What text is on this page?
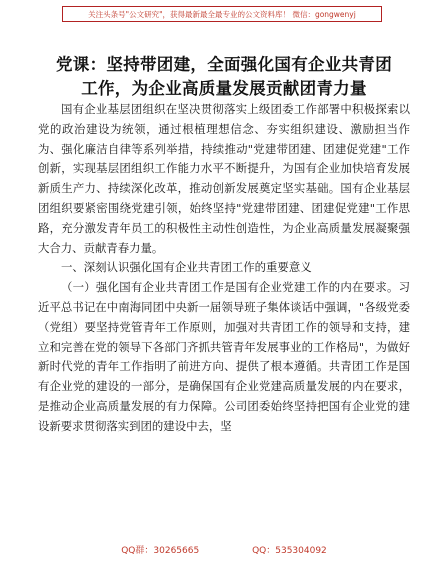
关注头条号"公文研究"，获得最新最全最专业的公文资料库！ 微信：gongwenyj
党课：坚持带团建，全面强化国有企业共青团工作，为企业高质量发展贡献团青力量

国有企业基层团组织在坚决贯彻落实上级团委工作部署中积极探索以党的政治建设为统领，通过根植理想信念、夯实组织建设、激励担当作为、强化廉洁自律等系列举措，持续推动"党建带团建、团建促党建"工作创新，实现基层团组织工作能力水平不断提升，为国有企业加快培育发展新质生产力、持续深化改革，推动创新发展奠定坚实基础。国有企业基层团组织要紧密围绕党建引领，始终坚持"党建带团建、团建促党建"工作思路，充分激发青年员工的积极性主动性创造性，为企业高质量发展凝聚强大合力、贡献青春力量。

一、深刻认识强化国有企业共青团工作的重要意义

（一）强化国有企业共青团工作是国有企业党建工作的内在要求。习近平总书记在中南海同团中央新一届领导班子集体谈话中强调，"各级党委（党组）要坚持党管青年工作原则，加强对共青团工作的领导和支持，建立和完善在党的领导下各部门齐抓共管青年发展事业的工作格局"，为做好新时代党的青年工作指明了前进方向、提供了根本遵循。共青团工作是国有企业党的建设的一部分，是确保国有企业党建高质量发展的内在要求，是推动企业高质量发展的有力保障。公司团委始终坚持把国有企业党的建设新要求贯彻落实到团的建设中去，坚

QQ群：30265665	QQ：535304092
